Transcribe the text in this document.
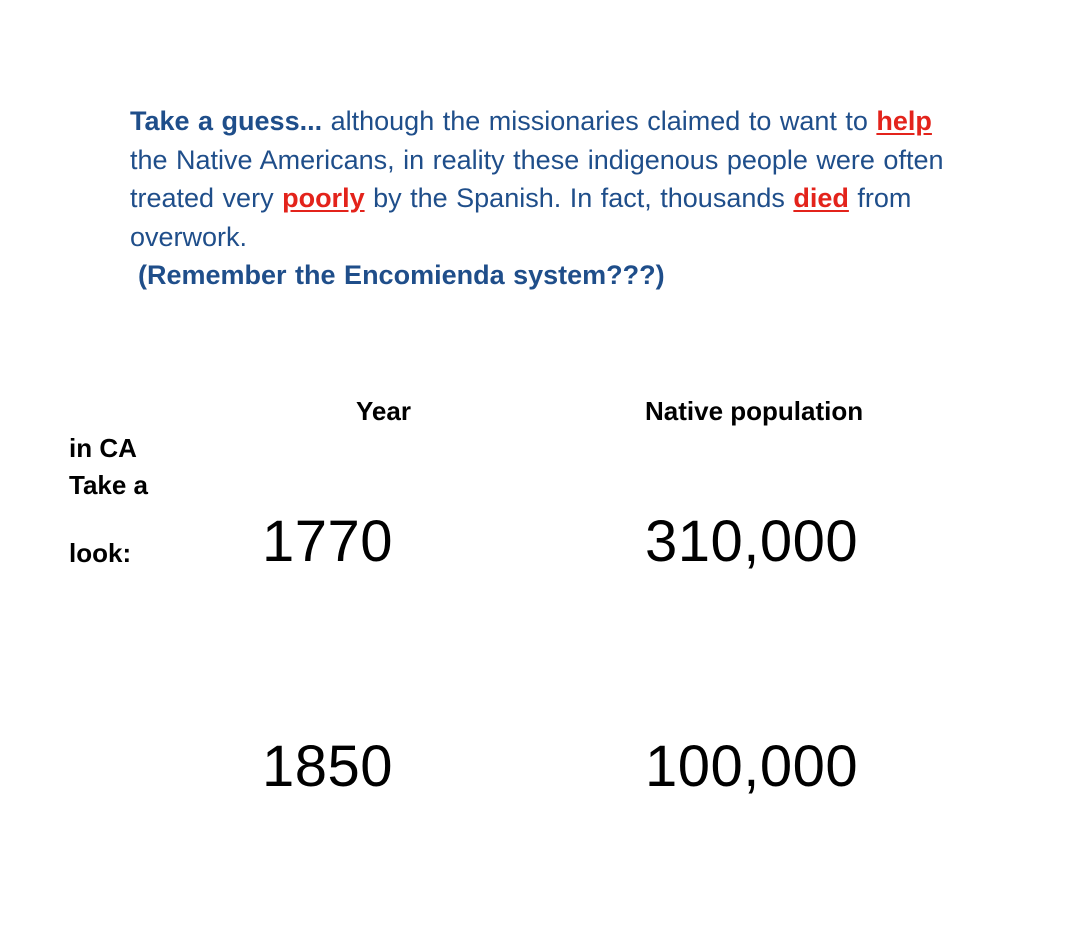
Take a guess... although the missionaries claimed to want to help the Native Americans, in reality these indigenous people were often treated very poorly by the Spanish. In fact, thousands died from overwork.
(Remember the Encomienda system???)
Year	Native population
in CA
Take a
look: 1770	310,000
1850	100,000
